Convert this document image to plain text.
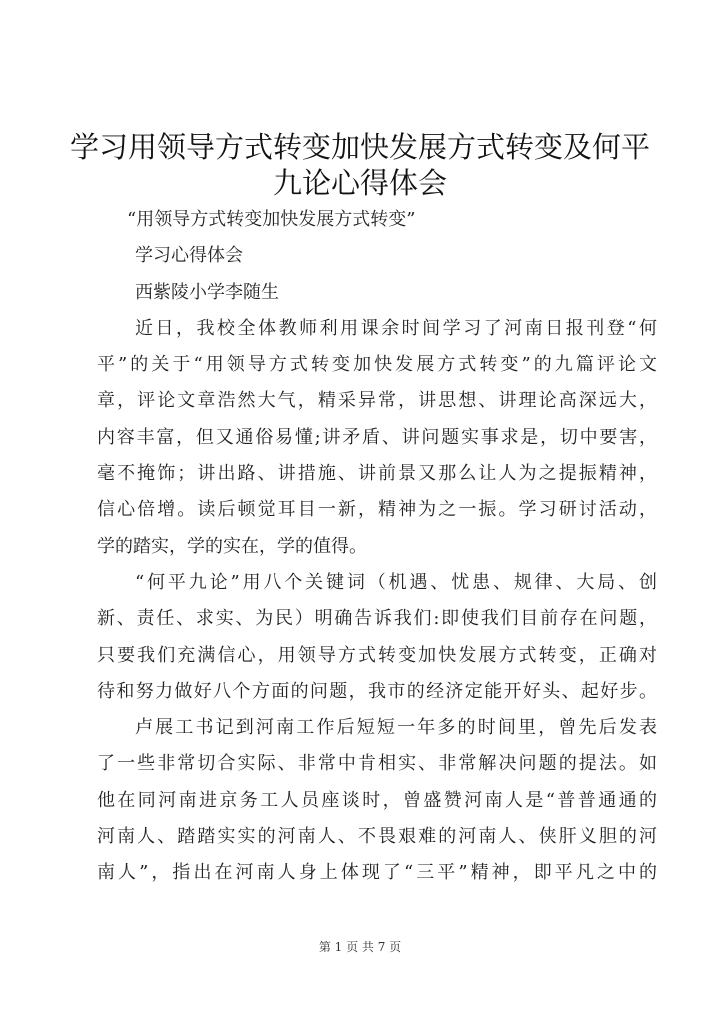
学习用领导方式转变加快发展方式转变及何平
九论心得体会
“用领导方式转变加快发展方式转变”
学习心得体会
西紫陵小学李随生
近日，我校全体教师利用课余时间学习了河南日报刊登“何
平”的关于“用领导方式转变加快发展方式转变”的九篇评论文
章，评论文章浩然大气，精采异常，讲思想、讲理论高深远大，
内容丰富，但又通俗易懂;讲矛盾、讲问题实事求是，切中要害，
毫不掩饰；讲出路、讲措施、讲前景又那么让人为之提振精神，
信心倍增。读后顿觉耳目一新，精神为之一振。学习研讨活动，
学的踏实，学的实在，学的值得。
“何平九论”用八个关键词（机遇、忧患、规律、大局、创
新、责任、求实、为民）明确告诉我们:即使我们目前存在问题，
只要我们充满信心，用领导方式转变加快发展方式转变，正确对
待和努力做好八个方面的问题，我市的经济定能开好头、起好步。
卢展工书记到河南工作后短短一年多的时间里，曾先后发表
了一些非常切合实际、非常中肯相实、非常解决问题的提法。如
他在同河南进京务工人员座谈时，曾盛赞河南人是“普普通通的
河南人、踏踏实实的河南人、不畏艰难的河南人、侠肝义胆的河
南人”，指出在河南人身上体现了“三平”精神，即平凡之中的
第 1 页 共 7 页
